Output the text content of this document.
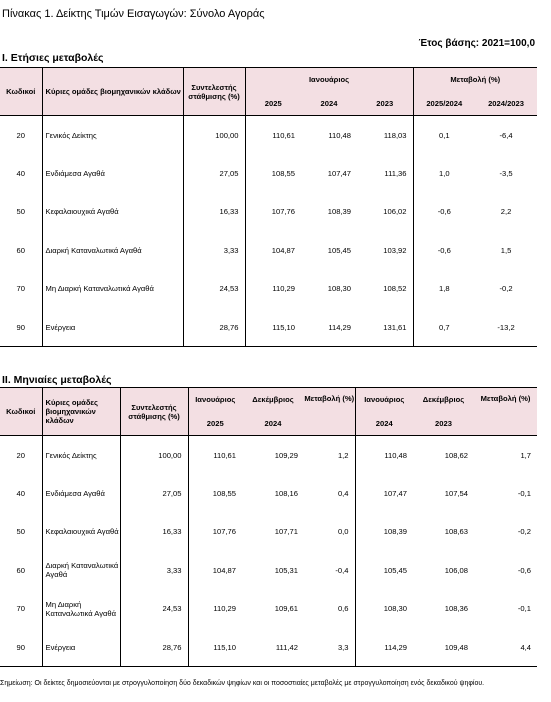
Πίνακας 1. Δείκτης Τιμών Εισαγωγών: Σύνολο Αγοράς
Έτος βάσης: 2021=100,0
I. Ετήσιες μεταβολές
Κωδικοί	Κύριες ομάδες βιομηχανικών κλάδων	Συντελεστής στάθμισης (%)	Ιανουάριος			Μεταβολή (%)	
			2025	2024	2023	2025/2024	2024/2023
20	Γενικός Δείκτης	100,00	110,61	110,48	118,03	0,1	-6,4
40	Ενδιάμεσα Αγαθά	27,05	108,55	107,47	111,36	1,0	-3,5
50	Κεφαλαιουχικά Αγαθά	16,33	107,76	108,39	106,02	-0,6	2,2
60	Διαρκή Καταναλωτικά Αγαθά	3,33	104,87	105,45	103,92	-0,6	1,5
70	Μη Διαρκή Καταναλωτικά Αγαθά	24,53	110,29	108,30	108,52	1,8	-0,2
90	Ενέργεια	28,76	115,10	114,29	131,61	0,7	-13,2
II. Μηνιαίες μεταβολές
Κωδικοί	Κύριες ομάδες βιομηχανικών κλάδων	Συντελεστής στάθμισης (%)	Ιανουάριος	Δεκέμβριος	Μεταβολή (%)	Ιανουάριος	Δεκέμβριος	Μεταβολή (%)
			2025	2024		2024	2023	
20	Γενικός Δείκτης	100,00	110,61	109,29	1,2	110,48	108,62	1,7
40	Ενδιάμεσα Αγαθά	27,05	108,55	108,16	0,4	107,47	107,54	-0,1
50	Κεφαλαιουχικά Αγαθά	16,33	107,76	107,71	0,0	108,39	108,63	-0,2
60	Διαρκή Καταναλωτικά Αγαθά	3,33	104,87	105,31	-0,4	105,45	106,08	-0,6
70	Μη Διαρκή Καταναλωτικά Αγαθά	24,53	110,29	109,61	0,6	108,30	108,36	-0,1
90	Ενέργεια	28,76	115,10	111,42	3,3	114,29	109,48	4,4
Σημείωση: Οι δείκτες δημοσιεύονται με στρογγυλοποίηση δύο δεκαδικών ψηφίων και οι ποσοστιαίες μεταβολές με στρογγυλοποίηση ενός δεκαδικού ψηφίου.
